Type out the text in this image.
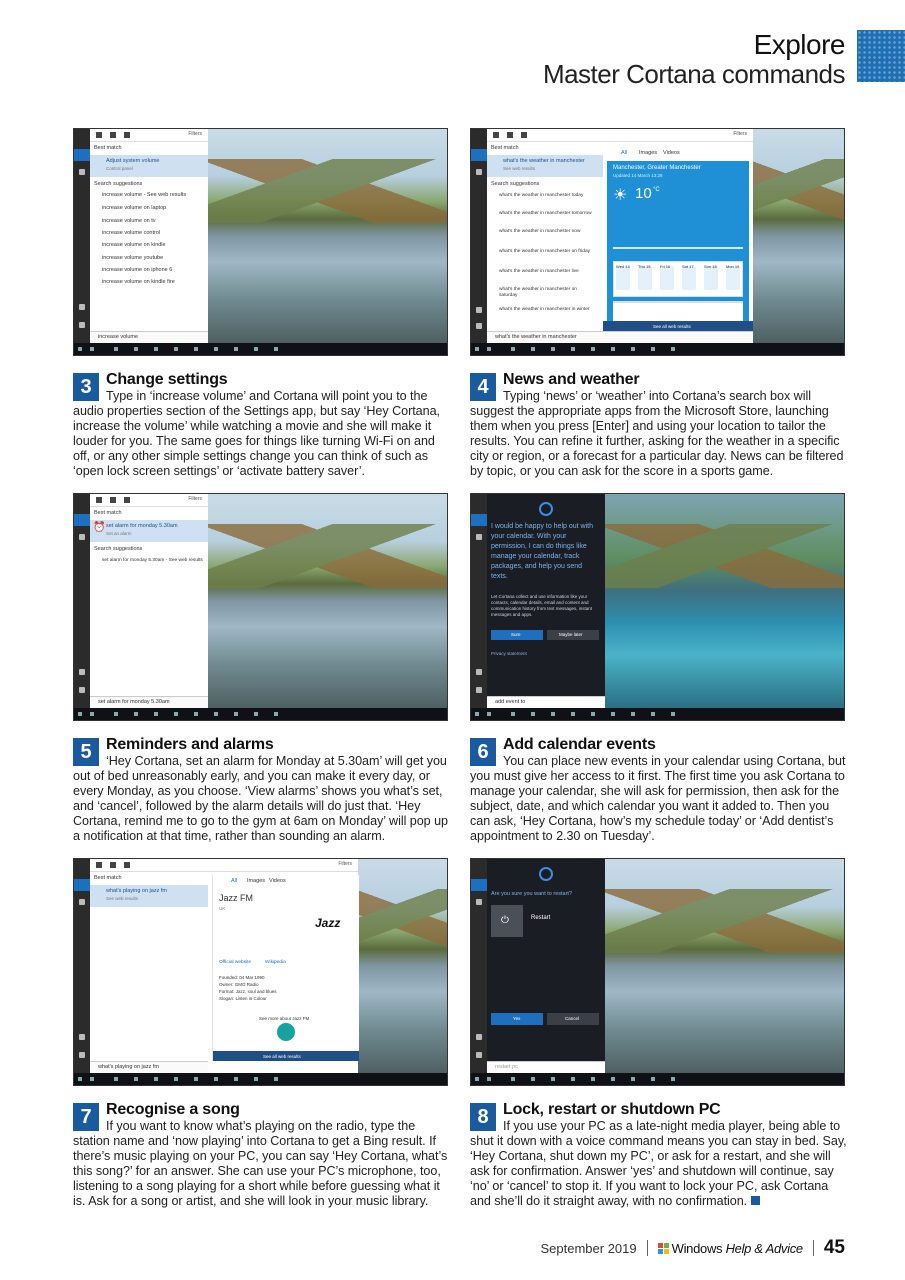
Explore
Master Cortana commands
Filters
Best match
Adjust system volume
Control panel
Search suggestions
increase volume - See web results
increase volume on laptop
increase volume on tv
increase volume control
increase volume on kindle
increase volume youtube
increase volume on iphone 6
increase volume on kindle fire
increase volume
Filters
Best match
what's the weather in manchester
See web results
Search suggestions
what's the weather in manchester today
what's the weather in manchester tomorrow
what's the weather in manchester now
what's the weather in manchester on friday
what's the weather in manchester live
what's the weather in manchester on saturday
what's the weather in manchester in winter
what's the weather in manchester
All Images Videos
Manchester, Greater Manchester
Updated 14 March 13:28
☀ 10 °C
Wed 14 Thu 15 Fri 16	Sat 17	Sun 18 Mon 19
See all web results
3 Change settings

Type in ‘increase volume’ and Cortana will point you to the audio properties section of the Settings app, but say ‘Hey Cortana, increase the volume’ while watching a movie and she will make it louder for you. The same goes for things like turning Wi-Fi on and off, or any other simple settings change you can think of such as ‘open lock screen settings’ or ‘activate battery saver’.

4 News and weather

Typing ‘news’ or ‘weather’ into Cortana’s search box will suggest the appropriate apps from the Microsoft Store, launching them when you press [Enter] and using your location to tailor the results. You can refine it further, asking for the weather in a specific city or region, or a forecast for a particular day. News can be filtered by topic, or you can ask for the score in a sports game.

Filters
Best match
⏰ set alarm for monday 5.30am
Set an alarm
Search suggestions
set alarm for monday 5.30am - See web results
set alarm for monday 5.30am
I would be happy to help out with your calendar. With your permission, I can do things like manage your calendar, track packages, and help you send texts.
Let Cortana collect and use information like your contacts, calendar details, email and content and communication history from text messages, instant messages and apps.
Sure	Maybe later
Privacy statement
add event to
5 Reminders and alarms

‘Hey Cortana, set an alarm for Monday at 5.30am’ will get you out of bed unreasonably early, and you can make it every day, or every Monday, as you choose. ‘View alarms’ shows you what’s set, and ‘cancel’, followed by the alarm details will do just that. ‘Hey Cortana, remind me to go to the gym at 6am on Monday’ will pop up a notification at that time, rather than sounding an alarm.

6 Add calendar events

You can place new events in your calendar using Cortana, but you must give her access to it first. The first time you ask Cortana to manage your calendar, she will ask for permission, then ask for the subject, date, and which calendar you want it added to. Then you can ask, ‘Hey Cortana, how’s my schedule today’ or ‘Add dentist’s appointment to 2.30 on Tuesday’.

Filters
Best match
what's playing on jazz fm
See web results
what's playing on jazz fm
All Images Videos
Jazz FM
UK
Jazz
Official website	Wikipedia
Founded: 04 Mar 1990
Owner: GMG Radio
Format: Jazz, soul and blues
Slogan: Listen in Colour
See more about Jazz FM
See all web results
Are you sure you want to restart?
⏻	Restart
Yes	Cancel
restart pc
7 Recognise a song

If you want to know what’s playing on the radio, type the station name and ‘now playing’ into Cortana to get a Bing result. If there’s music playing on your PC, you can say ‘Hey Cortana, what’s this song?’ for an answer. She can use your PC’s microphone, too, listening to a song playing for a short while before guessing what it is. Ask for a song or artist, and she will look in your music library.

8 Lock, restart or shutdown PC

If you use your PC as a late-night media player, being able to shut it down with a voice command means you can stay in bed. Say, ‘Hey Cortana, shut down my PC’, or ask for a restart, and she will ask for confirmation. Answer ‘yes’ and shutdown will continue, say ‘no’ or ‘cancel’ to stop it. If you want to lock your PC, ask Cortana and she’ll do it straight away, with no confirmation.

September 2019	Windows Help & Advice 45
